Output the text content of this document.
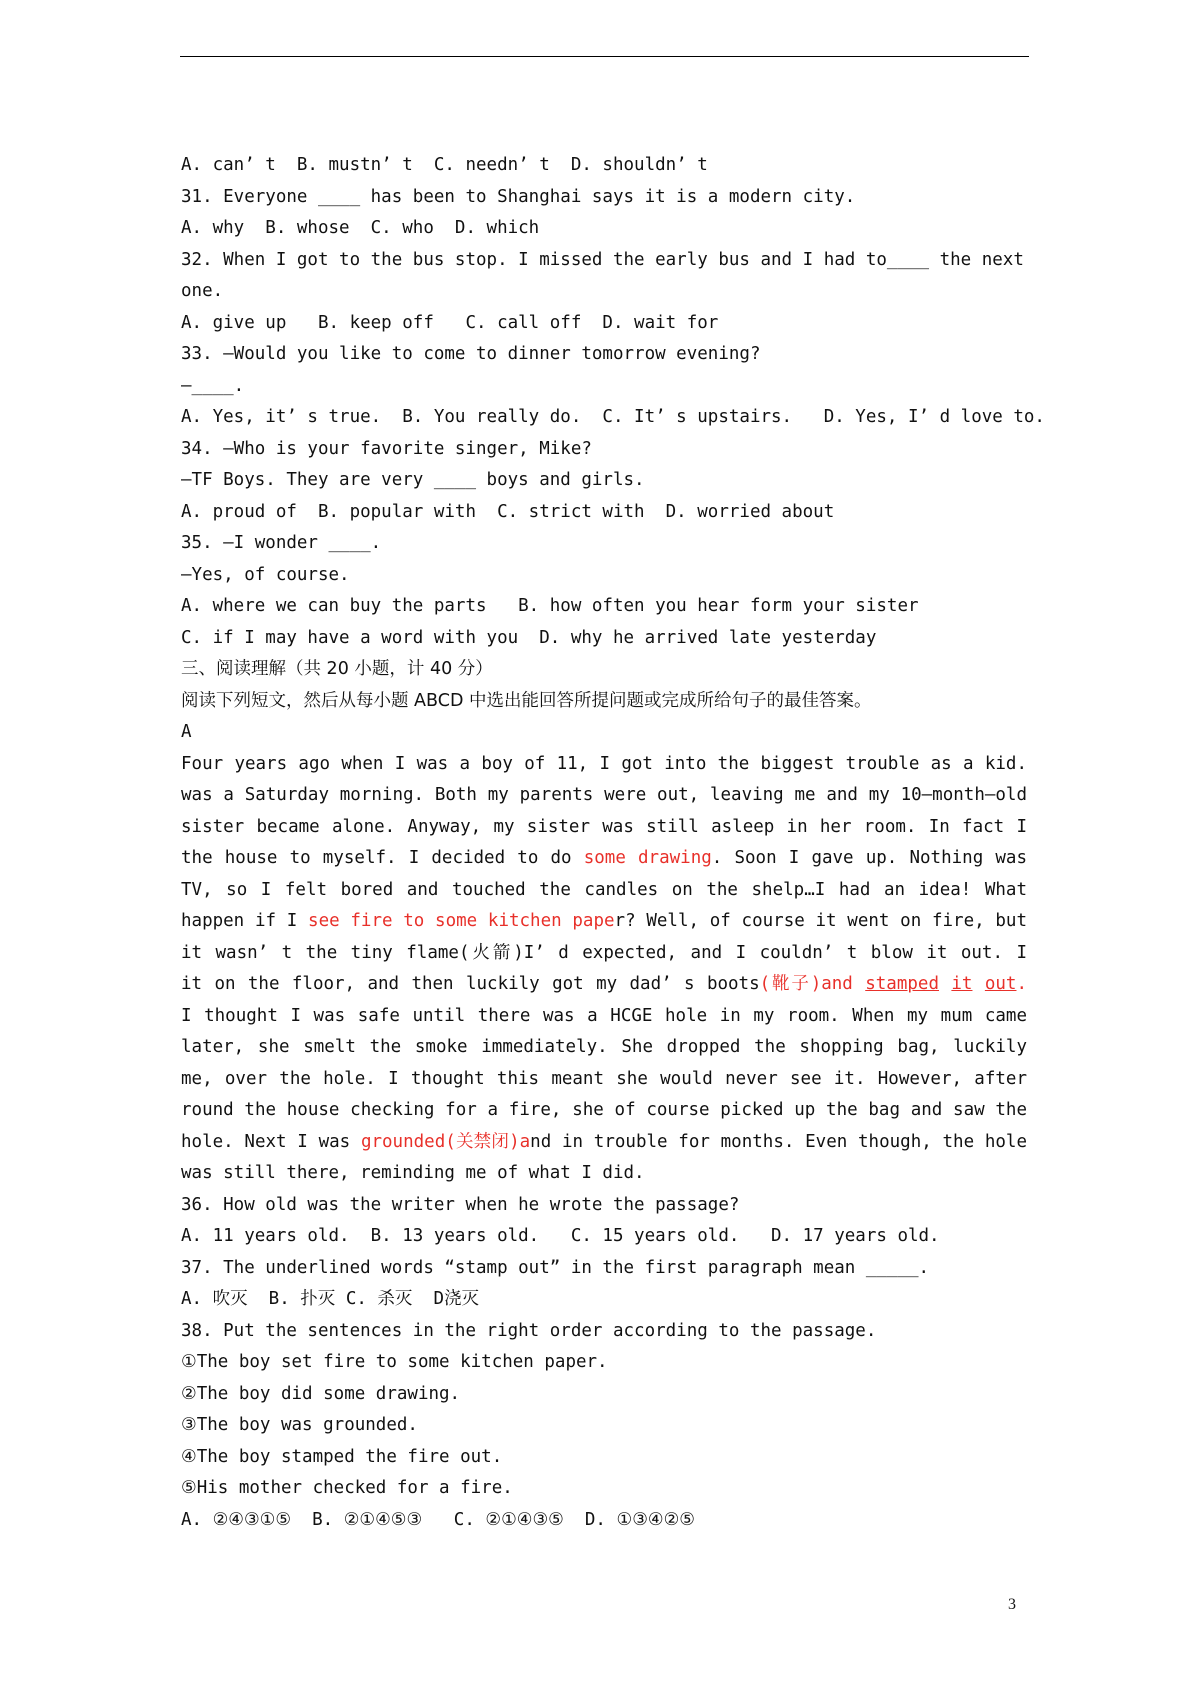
A. can’ t  B. mustn’ t  C. needn’ t  D. shouldn’ t
31. Everyone ____ has been to Shanghai says it is a modern city.
A. why  B. whose  C. who  D. which
32. When I got to the bus stop. I missed the early bus and I had to____ the next
one.
A. give up   B. keep off   C. call off  D. wait for
33. —Would you like to come to dinner tomorrow evening?
—____.
A. Yes, it’ s true.  B. You really do.  C. It’ s upstairs.   D. Yes, I’ d love to.
34. —Who is your favorite singer, Mike?
—TF Boys. They are very ____ boys and girls.
A. proud of  B. popular with  C. strict with  D. worried about
35. —I wonder ____.
—Yes, of course.
A. where we can buy the parts   B. how often you hear form your sister
C. if I may have a word with you  D. why he arrived late yesterday
三、阅读理解（共 20 小题，计 40 分）
阅读下列短文，然后从每小题 ABCD 中选出能回答所提问题或完成所给句子的最佳答案。
A
Four years ago when I was a boy of 11, I got into the biggest trouble as a kid.
was a Saturday morning. Both my parents were out, leaving me and my 10—month—old
sister became alone. Anyway, my sister was still asleep in her room. In fact I
the house to myself. I decided to do some drawing. Soon I gave up. Nothing was
TV, so I felt bored and touched the candles on the shelp…I had an idea! What
happen if I see fire to some kitchen paper? Well, of course it went on fire, but
it wasn’ t the tiny flame(火箭)I’ d expected, and I couldn’ t blow it out. I
it on the floor, and then luckily got my dad’ s boots(靴子)and stamped it out.
I thought I was safe until there was a HCGE hole in my room. When my mum came
later, she smelt the smoke immediately. She dropped the shopping bag, luckily
me, over the hole. I thought this meant she would never see it. However, after
round the house checking for a fire, she of course picked up the bag and saw the
hole. Next I was grounded(关禁闭)and in trouble for months. Even though, the hole
was still there, reminding me of what I did.
36. How old was the writer when he wrote the passage?
A. 11 years old.  B. 13 years old.   C. 15 years old.   D. 17 years old.
37. The underlined words “stamp out” in the first paragraph mean _____.
A. 吹灭  B. 扑灭 C. 杀灭  D浇灭
38. Put the sentences in the right order according to the passage.
①The boy set fire to some kitchen paper.
②The boy did some drawing.
③The boy was grounded.
④The boy stamped the fire out.
⑤His mother checked for a fire.
A. ②④③①⑤  B. ②①④⑤③   C. ②①④③⑤  D. ①③④②⑤
3
